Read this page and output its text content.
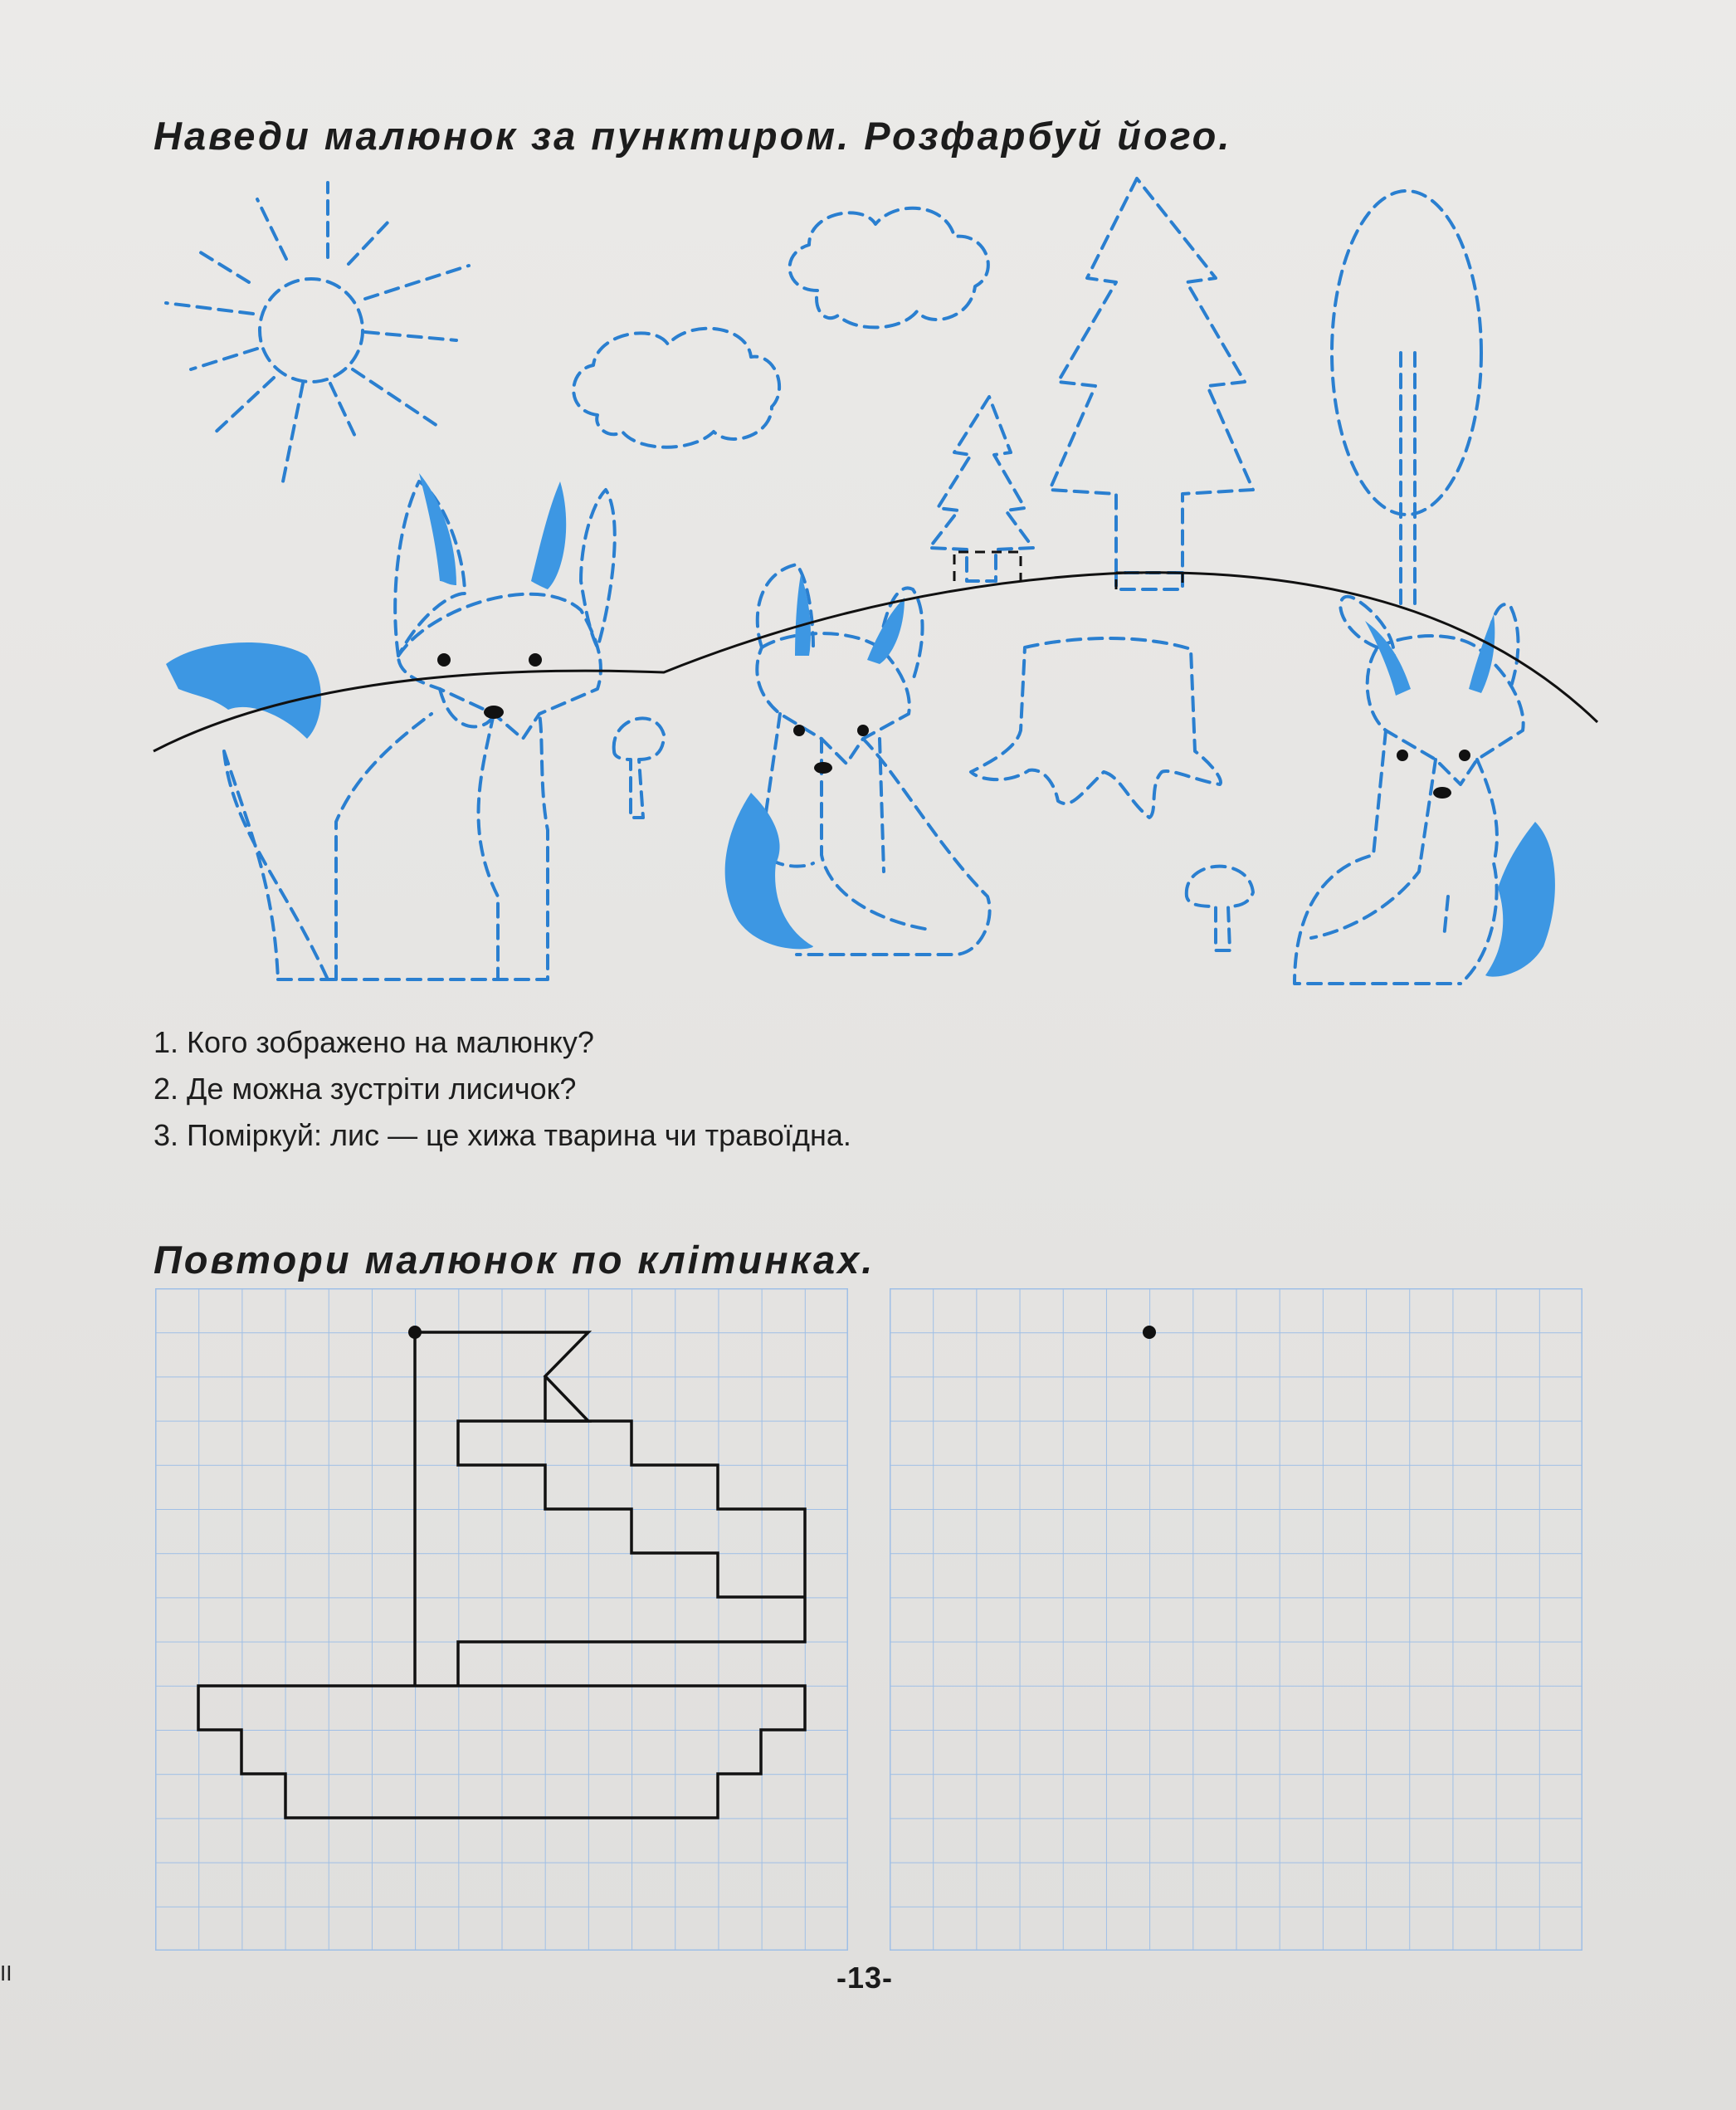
Наведи малюнок за пунктиром. Розфарбуй його.
1. Кого зображено на малюнку?
2. Де можна зустріти лисичок?
3. Поміркуй: лис — це хижа тварина чи травоїдна.
Повтори малюнок по клітинках.
-13-
II
